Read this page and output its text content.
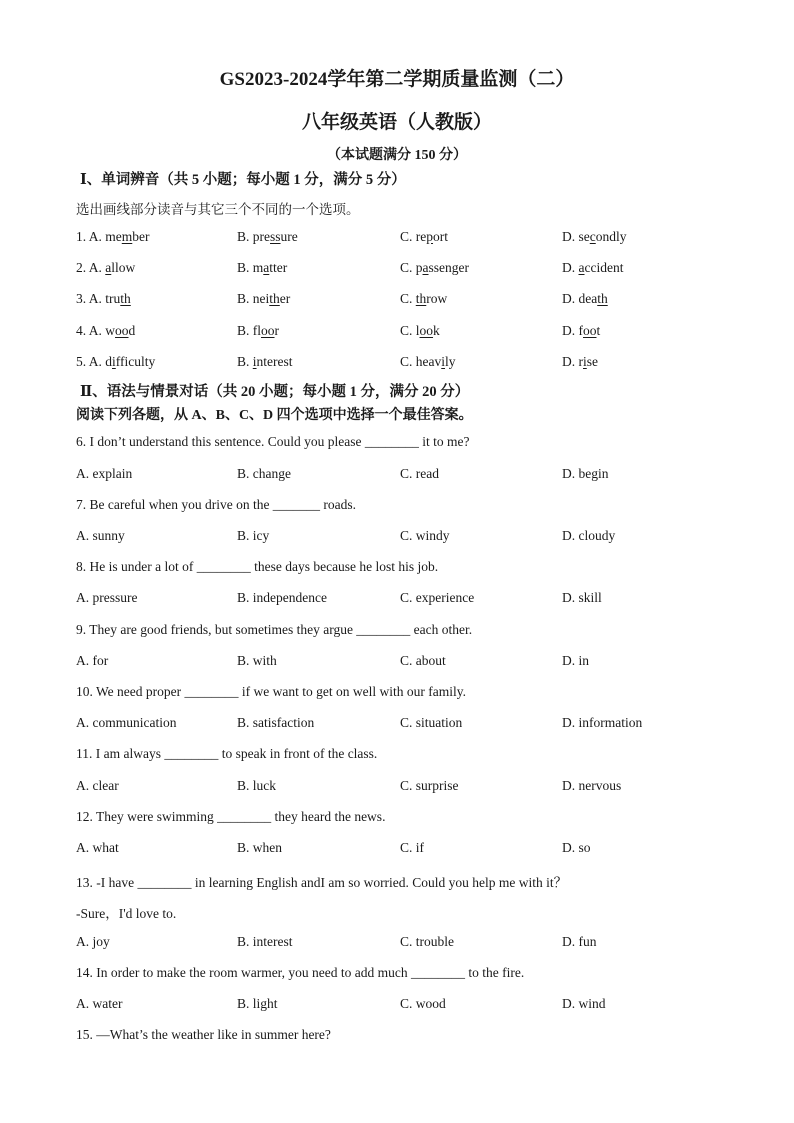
GS2023-2024学年第二学期质量监测（二）
八年级英语（人教版）
（本试题满分 150 分）
Ⅰ、单词辨音（共 5 小题；每小题 1 分，满分 5 分）
选出画线部分读音与其它三个不同的一个选项。
1. A. member	B. pressure	C. report	D. secondly
2. A. allow	B. matter	C. passenger	D. accident
3. A. truth	B. neither	C. throw	D. death
4. A. wood	B. floor	C. look	D. foot
5. A. difficulty	B. interest	C. heavily	D. rise
Ⅱ、语法与情景对话（共 20 小题；每小题 1 分，满分 20 分）
阅读下列各题，从 A、B、C、D 四个选项中选择一个最佳答案。
6. I don’t understand this sentence. Could you please ________ it to me?
A. explain	B. change	C. read	D. begin
7. Be careful when you drive on the _______ roads.
A. sunny	B. icy	C. windy	D. cloudy
8. He is under a lot of ________ these days because he lost his job.
A. pressure	B. independence	C. experience	D. skill
9. They are good friends, but sometimes they argue ________ each other.
A. for	B. with	C. about	D. in
10. We need proper ________ if we want to get on well with our family.
A. communication	B. satisfaction	C. situation	D. information
11. I am always ________ to speak in front of the class.
A. clear	B. luck	C. surprise	D. nervous
12. They were swimming ________ they heard the news.
A. what	B. when	C. if	D. so
13. -I have ________ in learning English andI am so worried. Could you help me with it？
-Sure，I'd love to.
A. joy	B. interest	C. trouble	D. fun
14. In order to make the room warmer, you need to add much ________ to the fire.
A. water	B. light	C. wood	D. wind
15. —What’s the weather like in summer here?
